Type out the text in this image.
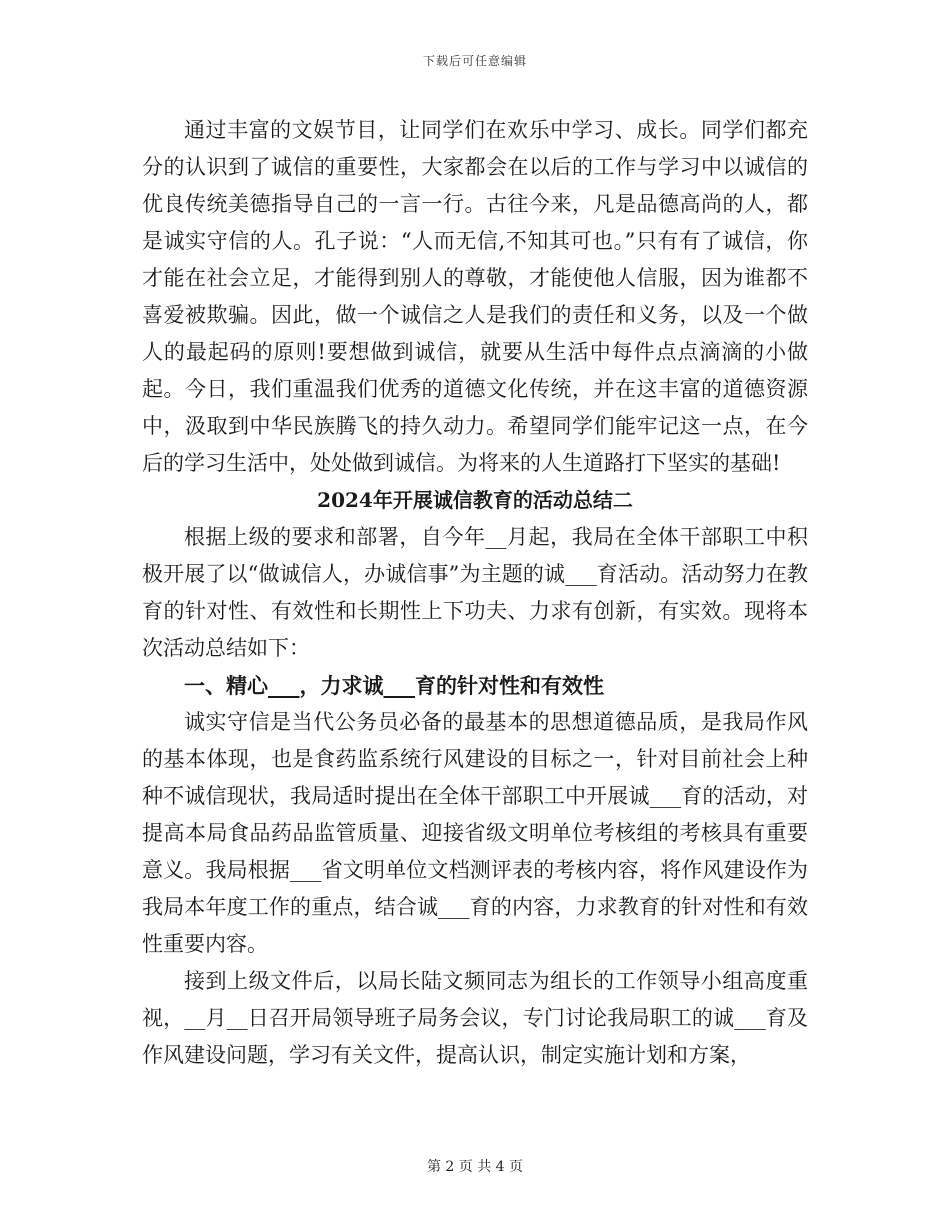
下载后可任意编辑

通过丰富的文娱节目，让同学们在欢乐中学习、成长。同学们都充分的认识到了诚信的重要性，大家都会在以后的工作与学习中以诚信的优良传统美德指导自己的一言一行。古往今来，凡是品德高尚的人，都是诚实守信的人。孔子说：“人而无信,不知其可也。”只有有了诚信，你才能在社会立足，才能得到别人的尊敬，才能使他人信服，因为谁都不喜爱被欺骗。因此，做一个诚信之人是我们的责任和义务，以及一个做人的最起码的原则!要想做到诚信，就要从生活中每件点点滴滴的小做起。今日，我们重温我们优秀的道德文化传统，并在这丰富的道德资源中，汲取到中华民族腾飞的持久动力。希望同学们能牢记这一点，在今后的学习生活中，处处做到诚信。为将来的人生道路打下坚实的基础!

2024年开展诚信教育的活动总结二

根据上级的要求和部署，自今年__月起，我局在全体干部职工中积极开展了以“做诚信人，办诚信事”为主题的诚___育活动。活动努力在教育的针对性、有效性和长期性上下功夫、力求有创新，有实效。现将本次活动总结如下：

一、精心___，力求诚___育的针对性和有效性

诚实守信是当代公务员必备的最基本的思想道德品质，是我局作风的基本体现，也是食药监系统行风建设的目标之一，针对目前社会上种种不诚信现状，我局适时提出在全体干部职工中开展诚___育的活动，对提高本局食品药品监管质量、迎接省级文明单位考核组的考核具有重要意义。我局根据___省文明单位文档测评表的考核内容，将作风建设作为我局本年度工作的重点，结合诚___育的内容，力求教育的针对性和有效性重要内容。

接到上级文件后，以局长陆文频同志为组长的工作领导小组高度重视，__月__日召开局领导班子局务会议，专门讨论我局职工的诚___育及作风建设问题，学习有关文件，提高认识，制定实施计划和方案，

第 2 页 共 4 页
